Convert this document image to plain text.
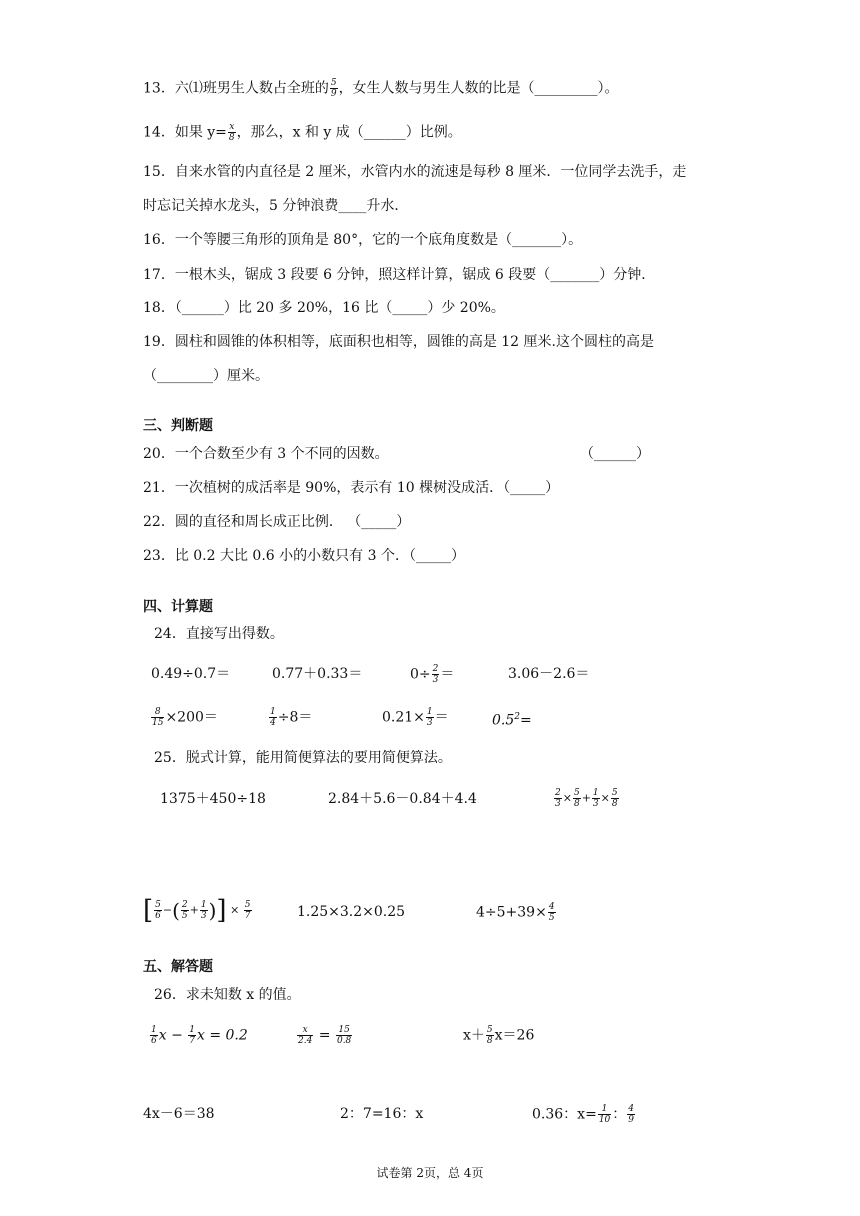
13．六⑴班男生人数占全班的 $\frac{5}{9}$ ，女生人数与男生人数的比是（_________）。
14．如果 $y= \frac{x}{8}$ ，那么，x 和 y 成（______）比例。
15．自来水管的内直径是 2 厘米，水管内水的流速是每秒 8 厘米．一位同学去洗手，走
时忘记关掉水龙头，5 分钟浪费____升水．
16．一个等腰三角形的顶角是 80°，它的一个底角度数是（_______）。
17．一根木头，锯成 3 段要 6 分钟，照这样计算，锯成 6 段要（_______）分钟．
18．（______）比 20 多 20%，16 比（_____）少 20%。
19．圆柱和圆锥的体积相等，底面积也相等，圆锥的高是 12 厘米.这个圆柱的高是
（________）厘米。
三、判断题
20．一个合数至少有 3 个不同的因数。	（______）
21．一次植树的成活率是 90%，表示有 10 棵树没成活．（_____）
22．圆的直径和周长成正比例． （_____）
23．比 0.2 大比 0.6 小的小数只有 3 个．（_____）
四、计算题
24．直接写出得数。
0.49÷0.7＝	0.77＋0.33＝	$0\div \frac{2}{3}$ ＝	3.06－2.6＝
$\frac{8}{15} \times 200=$	$\frac{1}{4} \div 8=$	$0.21\times \frac{1}{3}$ ＝	$0.5^2=$
25．脱式计算，能用简便算法的要用简便算法。
1375＋450÷18	2.84＋5.6－0.84＋4.4	$\frac{2}{3} \times \frac{5}{8} + \frac{1}{3} \times \frac{5}{8}$
[ $\frac{5}{6}$ −( $\frac{2}{5} + \frac{1}{3}$ )] × $\frac{5}{7}$	1.25×3.2×0.25	$4\div 5+39\times \frac{4}{5}$
五、解答题
26．求未知数 x 的值。
$\frac{1}{6}$ $x - \frac{1}{7}$ x = 0.2	$\frac{x}{2.4} = \frac{15}{0.8}$	$x+ \frac{5}{8} x=26$
4x－6＝38	2：7=16：x	0.36：$x= \frac{1}{10}$ ： $\frac{4}{9}$
试卷第 2页，总 4页
